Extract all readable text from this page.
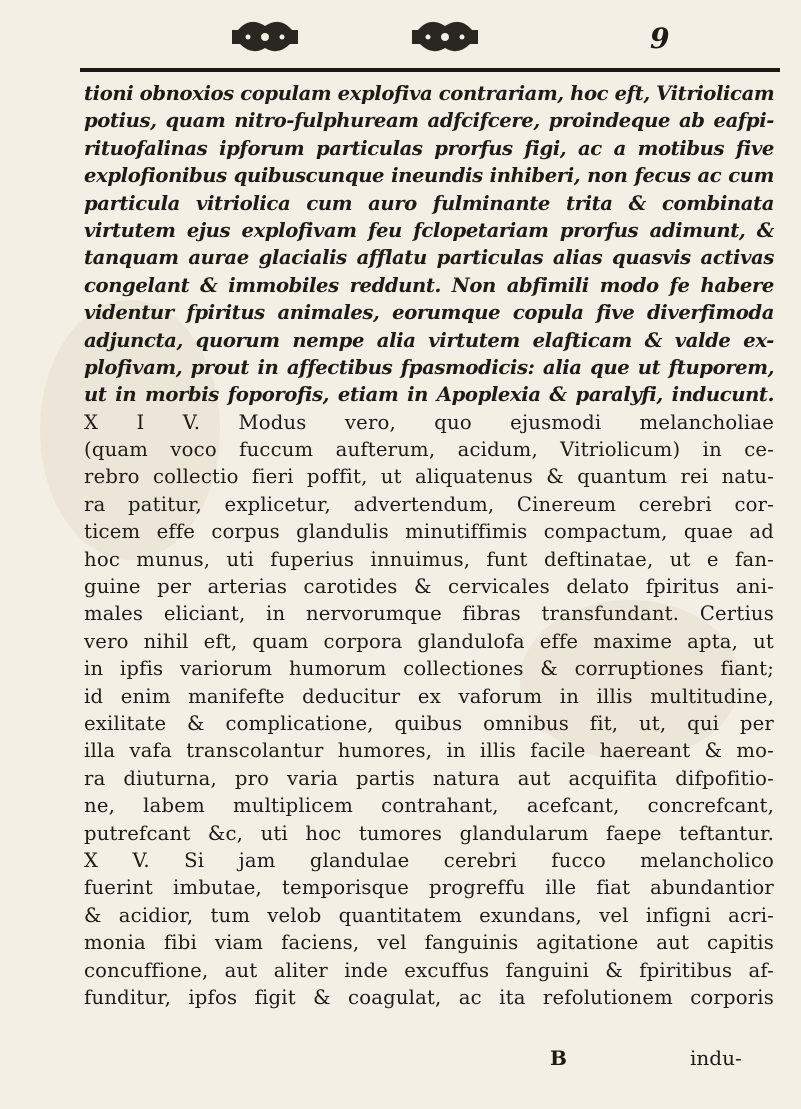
9
tioni obnoxios copulam explofiva contrariam, hoc eft, Vitriolicam
potius, quam nitro-fulphuream adfcifcere, proindeque ab eafpi-
rituofalinas ipforum particulas prorfus figi, ac a motibus five
explofionibus quibuscunque ineundis inhiberi, non fecus ac cum
particula vitriolica cum auro fulminante trita & combinata
virtutem ejus explofivam feu fclopetariam prorfus adimunt, &
tanquam aurae glacialis afflatu particulas alias quasvis activas
congelant & immobiles reddunt. Non abfimili modo fe habere
videntur fpiritus animales, eorumque copula five diverfimoda
adjuncta, quorum nempe alia virtutem elafticam & valde ex-
plofivam, prout in affectibus fpasmodicis: alia que ut ftuporem,
ut in morbis foporofis, etiam in Apoplexia & paralyfi, inducunt.
X I V. Modus vero, quo ejusmodi melancholiae
(quam voco fuccum aufterum, acidum, Vitriolicum) in ce-
rebro collectio fieri poffit, ut aliquatenus & quantum rei natu-
ra patitur, explicetur, advertendum, Cinereum cerebri cor-
ticem effe corpus glandulis minutiffimis compactum, quae ad
hoc munus, uti fuperius innuimus, funt deftinatae, ut e fan-
guine per arterias carotides & cervicales delato fpiritus ani-
males eliciant, in nervorumque fibras transfundant. Certius
vero nihil eft, quam corpora glandulofa effe maxime apta, ut
in ipfis variorum humorum collectiones & corruptiones fiant;
id enim manifefte deducitur ex vaforum in illis multitudine,
exilitate & complicatione, quibus omnibus fit, ut, qui per
illa vafa transcolantur humores, in illis facile haereant & mo-
ra diuturna, pro varia partis natura aut acquifita difpofitio-
ne, labem multiplicem contrahant, acefcant, concrefcant,
putrefcant &c, uti hoc tumores glandularum faepe teftantur.
X V. Si jam glandulae cerebri fucco melancholico
fuerint imbutae, temporisque progreffu ille fiat abundantior
& acidior, tum velob quantitatem exundans, vel infigni acri-
monia fibi viam faciens, vel fanguinis agitatione aut capitis
concuffione, aut aliter inde excuffus fanguini & fpiritibus af-
funditur, ipfos figit & coagulat, ac ita refolutionem corporis
B	indu-
